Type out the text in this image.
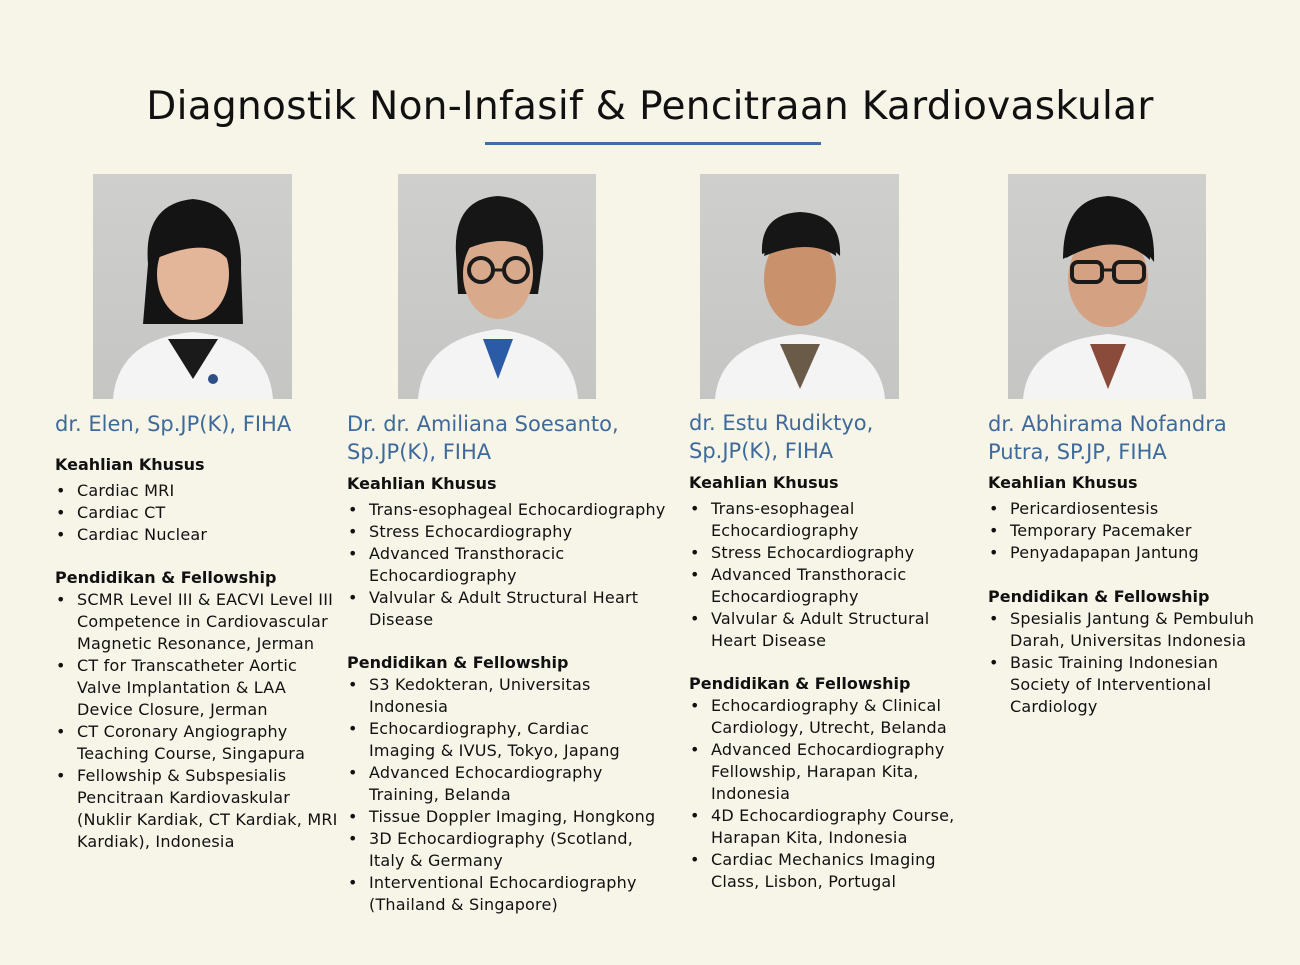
Diagnostik Non-Infasif & Pencitraan Kardiovaskular
dr. Elen, Sp.JP(K), FIHA

Keahlian Khusus

• Cardiac MRI
• Cardiac CT
• Cardiac Nuclear

Pendidikan & Fellowship

• SCMR Level III & EACVI Level III Competence in Cardiovascular Magnetic Resonance, Jerman
• CT for Transcatheter Aortic Valve Implantation & LAA Device Closure, Jerman
• CT Coronary Angiography Teaching Course, Singapura
• Fellowship & Subspesialis Pencitraan Kardiovaskular (Nuklir Kardiak, CT Kardiak, MRI Kardiak), Indonesia
Dr. dr. Amiliana Soesanto,
Sp.JP(K), FIHA

Keahlian Khusus

• Trans-esophageal Echocardiography
• Stress Echocardiography
• Advanced Transthoracic Echocardiography
• Valvular & Adult Structural Heart Disease

Pendidikan & Fellowship

• S3 Kedokteran, Universitas Indonesia
• Echocardiography, Cardiac Imaging & IVUS, Tokyo, Japang
• Advanced Echocardiography Training, Belanda
• Tissue Doppler Imaging, Hongkong
• 3D Echocardiography (Scotland, Italy & Germany
• Interventional Echocardiography (Thailand & Singapore)
dr. Estu Rudiktyo,
Sp.JP(K), FIHA

Keahlian Khusus

• Trans-esophageal Echocardiography
• Stress Echocardiography
• Advanced Transthoracic Echocardiography
• Valvular & Adult Structural Heart Disease

Pendidikan & Fellowship

• Echocardiography & Clinical Cardiology, Utrecht, Belanda
• Advanced Echocardiography Fellowship, Harapan Kita, Indonesia
• 4D Echocardiography Course, Harapan Kita, Indonesia
• Cardiac Mechanics Imaging Class, Lisbon, Portugal
dr. Abhirama Nofandra
Putra, SP.JP, FIHA

Keahlian Khusus

• Pericardiosentesis
• Temporary Pacemaker
• Penyadapapan Jantung

Pendidikan & Fellowship

• Spesialis Jantung & Pembuluh Darah, Universitas Indonesia
• Basic Training Indonesian Society of Interventional Cardiology
